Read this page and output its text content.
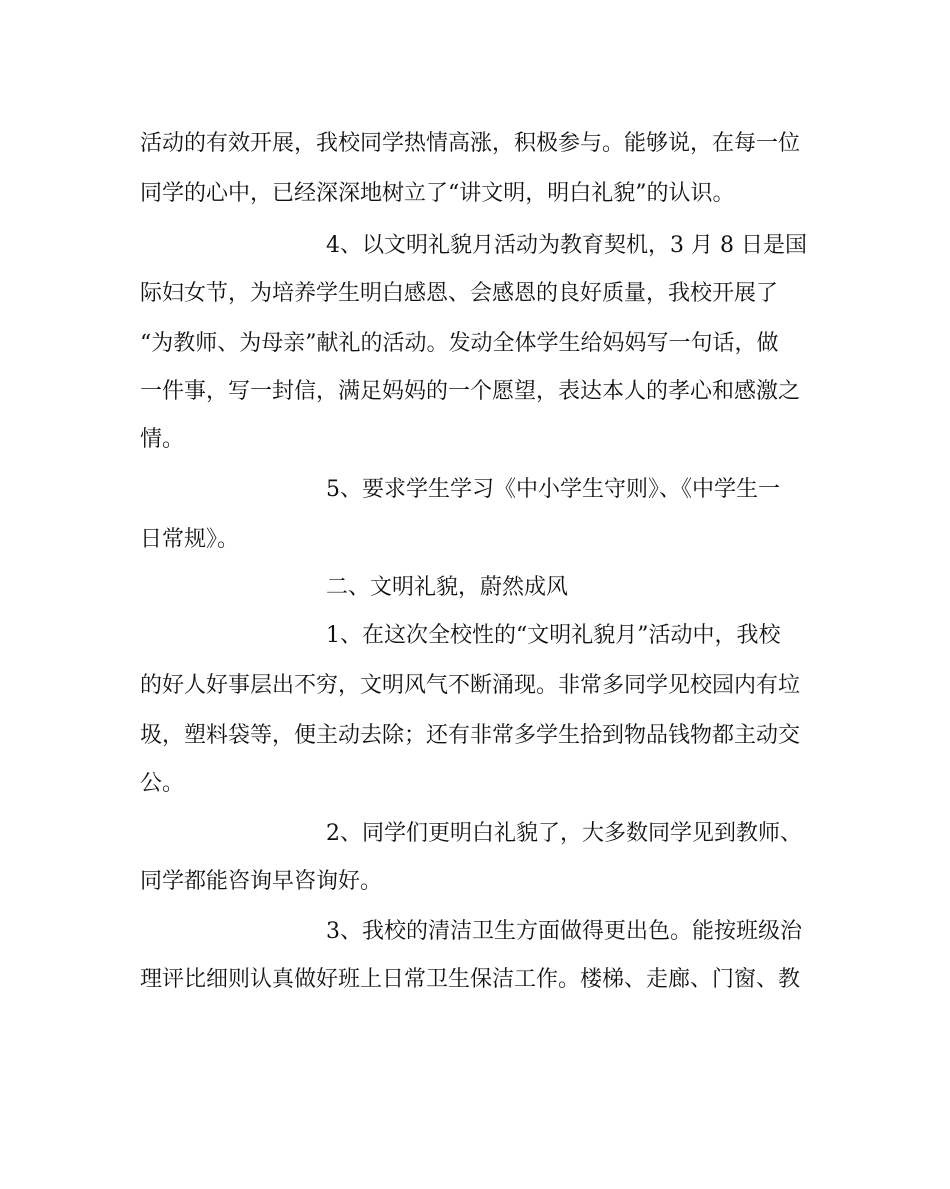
活动的有效开展，我校同学热情高涨，积极参与。能够说，在每一位
同学的心中，已经深深地树立了“讲文明，明白礼貌”的认识。
4、以文明礼貌月活动为教育契机，3 月 8 日是国
际妇女节，为培养学生明白感恩、会感恩的良好质量，我校开展了
“为教师、为母亲”献礼的活动。发动全体学生给妈妈写一句话，做
一件事，写一封信，满足妈妈的一个愿望，表达本人的孝心和感激之
情。
5、要求学生学习《中小学生守则》、《中学生一
日常规》。
二、文明礼貌，蔚然成风
1、在这次全校性的“文明礼貌月”活动中，我校
的好人好事层出不穷，文明风气不断涌现。非常多同学见校园内有垃
圾，塑料袋等，便主动去除；还有非常多学生拾到物品钱物都主动交
公。
2、同学们更明白礼貌了，大多数同学见到教师、
同学都能咨询早咨询好。
3、我校的清洁卫生方面做得更出色。能按班级治
理评比细则认真做好班上日常卫生保洁工作。楼梯、走廊、门窗、教
